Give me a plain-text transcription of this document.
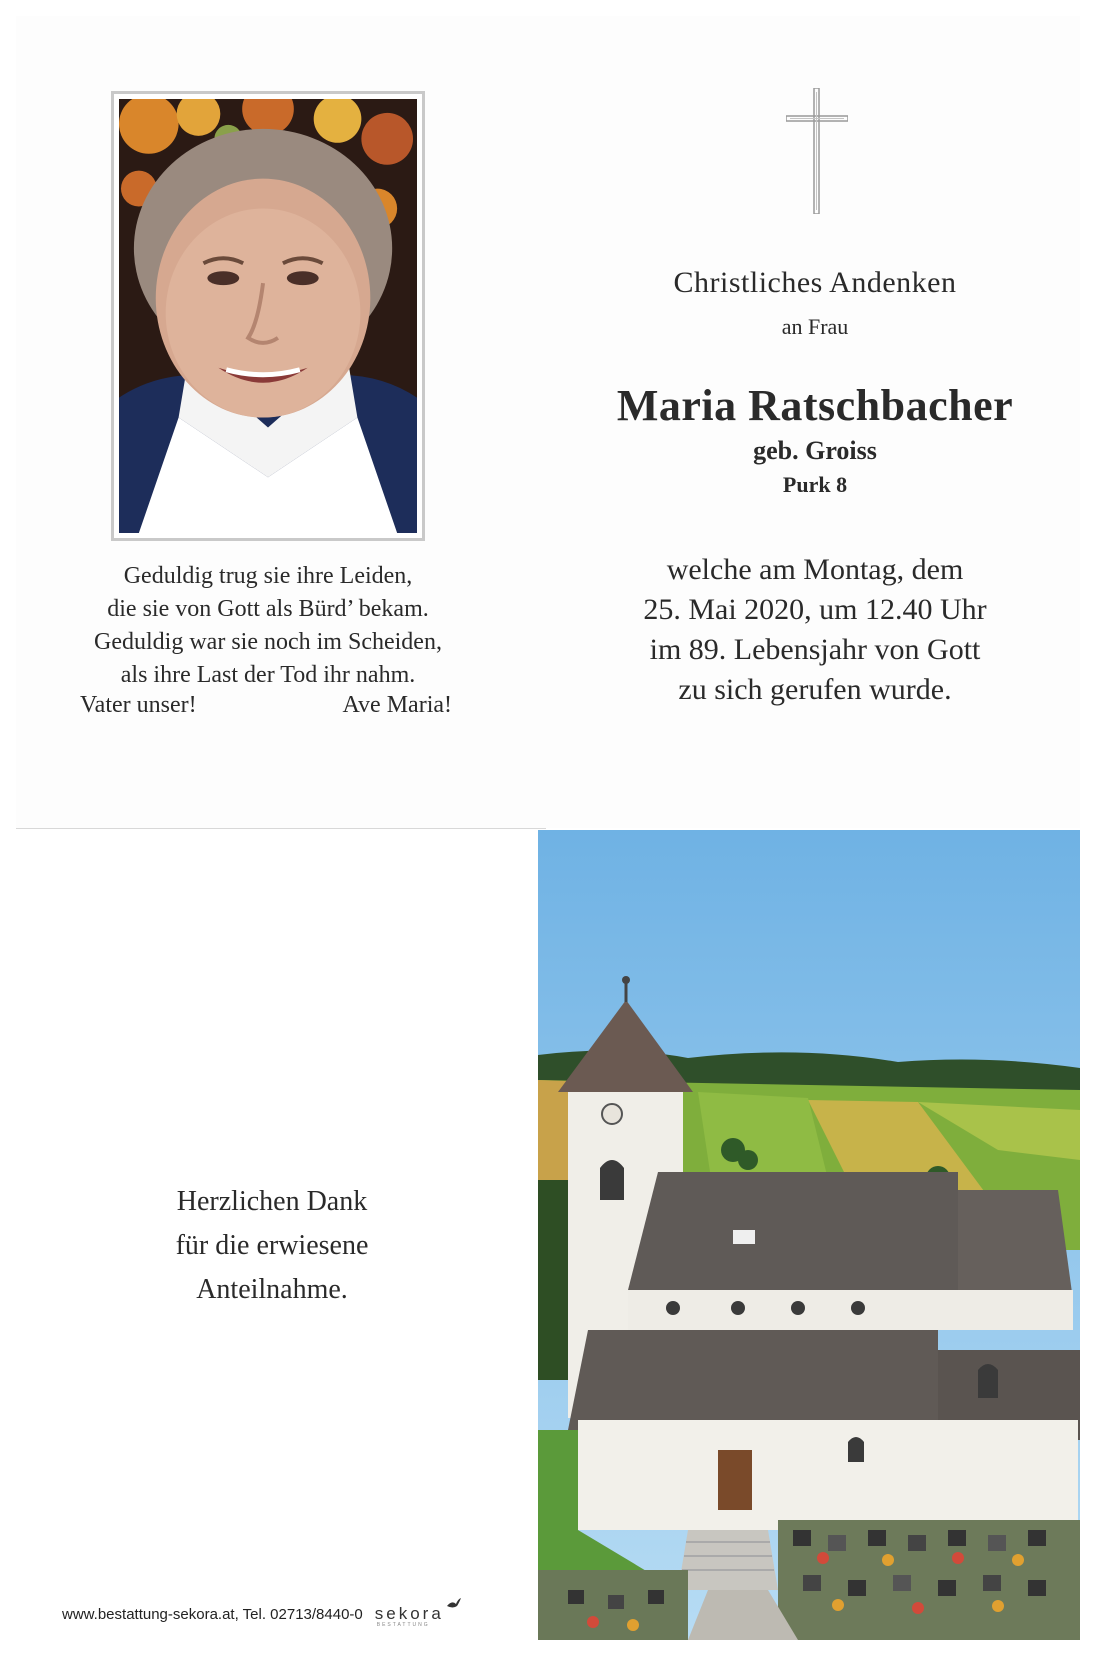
Christliches Andenken
an Frau
Maria Ratschbacher
geb. Groiss
Purk 8
welche am Montag, dem
25. Mai 2020, um 12.40 Uhr
im 89. Lebensjahr von Gott
zu sich gerufen wurde.
Geduldig trug sie ihre Leiden,
die sie von Gott als Bürd’ bekam.
Geduldig war sie noch im Scheiden,
als ihre Last der Tod ihr nahm.
Vater unser!	Ave Maria!
Herzlichen Dank
für die erwiesene
Anteilnahme.
www.bestattung-sekora.at, Tel. 02713/8440-0 sekora
BESTATTUNG
